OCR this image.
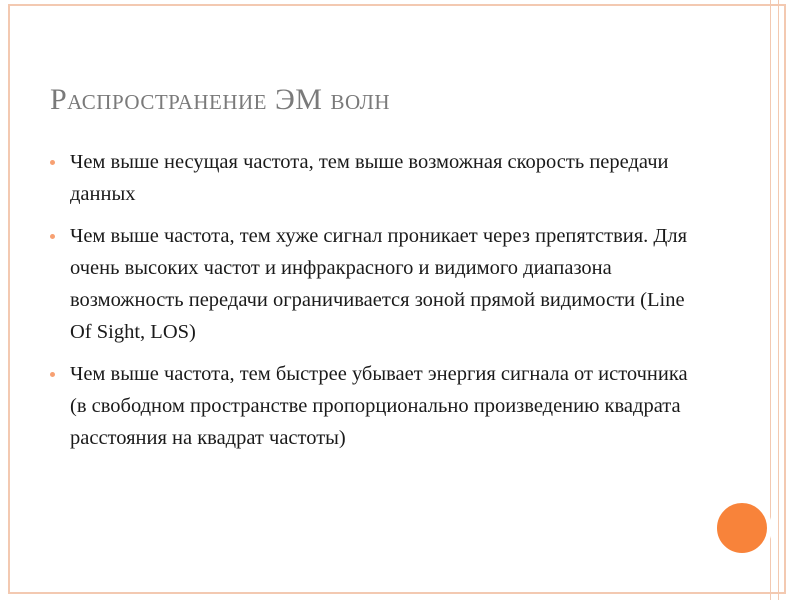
Распространение ЭМ волн
Чем выше несущая частота, тем выше возможная скорость передачи данных
Чем выше частота, тем хуже сигнал проникает через препятствия. Для очень высоких частот и инфракрасного и видимого диапазона возможность передачи ограничивается зоной прямой видимости (Line Of Sight, LOS)
Чем выше частота, тем быстрее убывает энергия сигнала от источника (в свободном пространстве пропорционально произведению квадрата расстояния на квадрат частоты)
